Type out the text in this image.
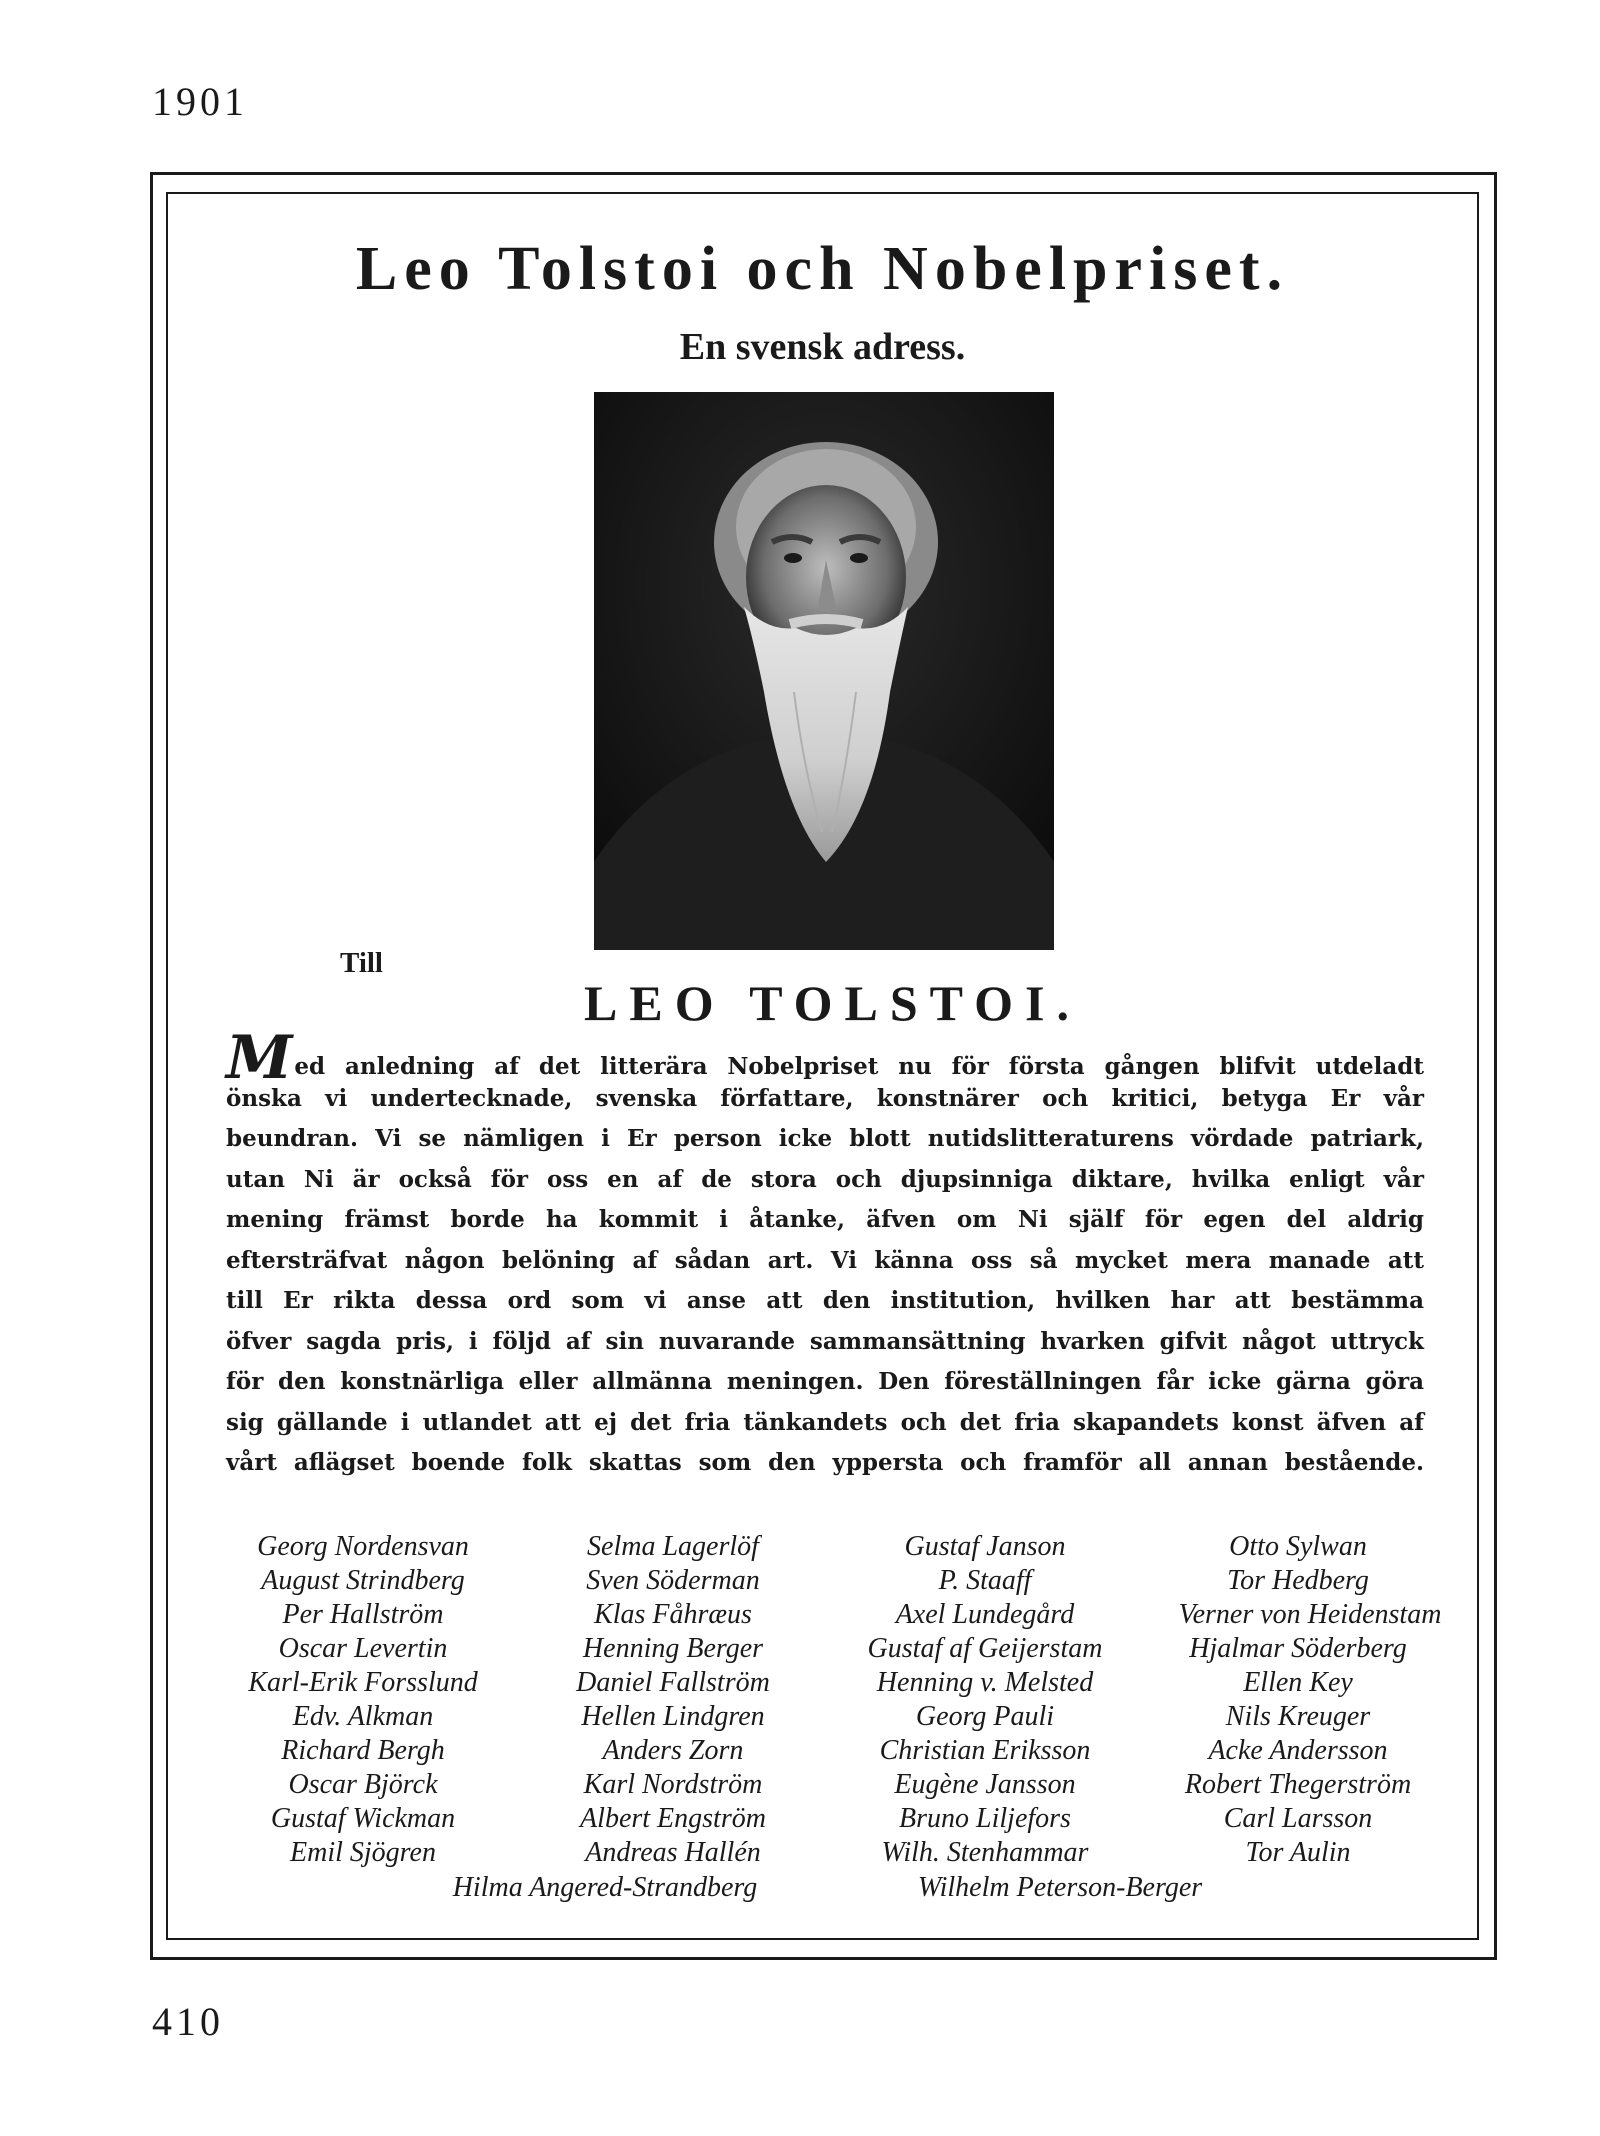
1901
Leo Tolstoi och Nobelpriset.
En svensk adress.
Till
LEO TOLSTOI.
Med anledning af det litterära Nobelpriset nu för första gången blifvit utdeladt
önska vi undertecknade, svenska författare, konstnärer och kritici, betyga Er vår
beundran. Vi se nämligen i Er person icke blott nutidslitteraturens vördade patriark,
utan Ni är också för oss en af de stora och djupsinniga diktare, hvilka enligt vår
mening främst borde ha kommit i åtanke, äfven om Ni själf för egen del aldrig
eftersträfvat någon belöning af sådan art. Vi känna oss så mycket mera manade att
till Er rikta dessa ord som vi anse att den institution, hvilken har att bestämma
öfver sagda pris, i följd af sin nuvarande sammansättning hvarken gifvit något uttryck
för den konstnärliga eller allmänna meningen. Den föreställningen får icke gärna göra
sig gällande i utlandet att ej det fria tänkandets och det fria skapandets konst äfven af
vårt aflägset boende folk skattas som den yppersta och framför all annan bestående.
Georg Nordensvan
August Strindberg
Per Hallström
Oscar Levertin
Karl-Erik Forsslund
Edv. Alkman
Richard Bergh
Oscar Björck
Gustaf Wickman
Emil Sjögren
Selma Lagerlöf
Sven Söderman
Klas Fåhræus
Henning Berger
Daniel Fallström
Hellen Lindgren
Anders Zorn
Karl Nordström
Albert Engström
Andreas Hallén
Gustaf Janson
P. Staaff
Axel Lundegård
Gustaf af Geijerstam
Henning v. Melsted
Georg Pauli
Christian Eriksson
Eugène Jansson
Bruno Liljefors
Wilh. Stenhammar
Otto Sylwan
Tor Hedberg
Verner von Heidenstam
Hjalmar Söderberg
Ellen Key
Nils Kreuger
Acke Andersson
Robert Thegerström
Carl Larsson
Tor Aulin
Hilma Angered-Strandberg	Wilhelm Peterson-Berger
410
